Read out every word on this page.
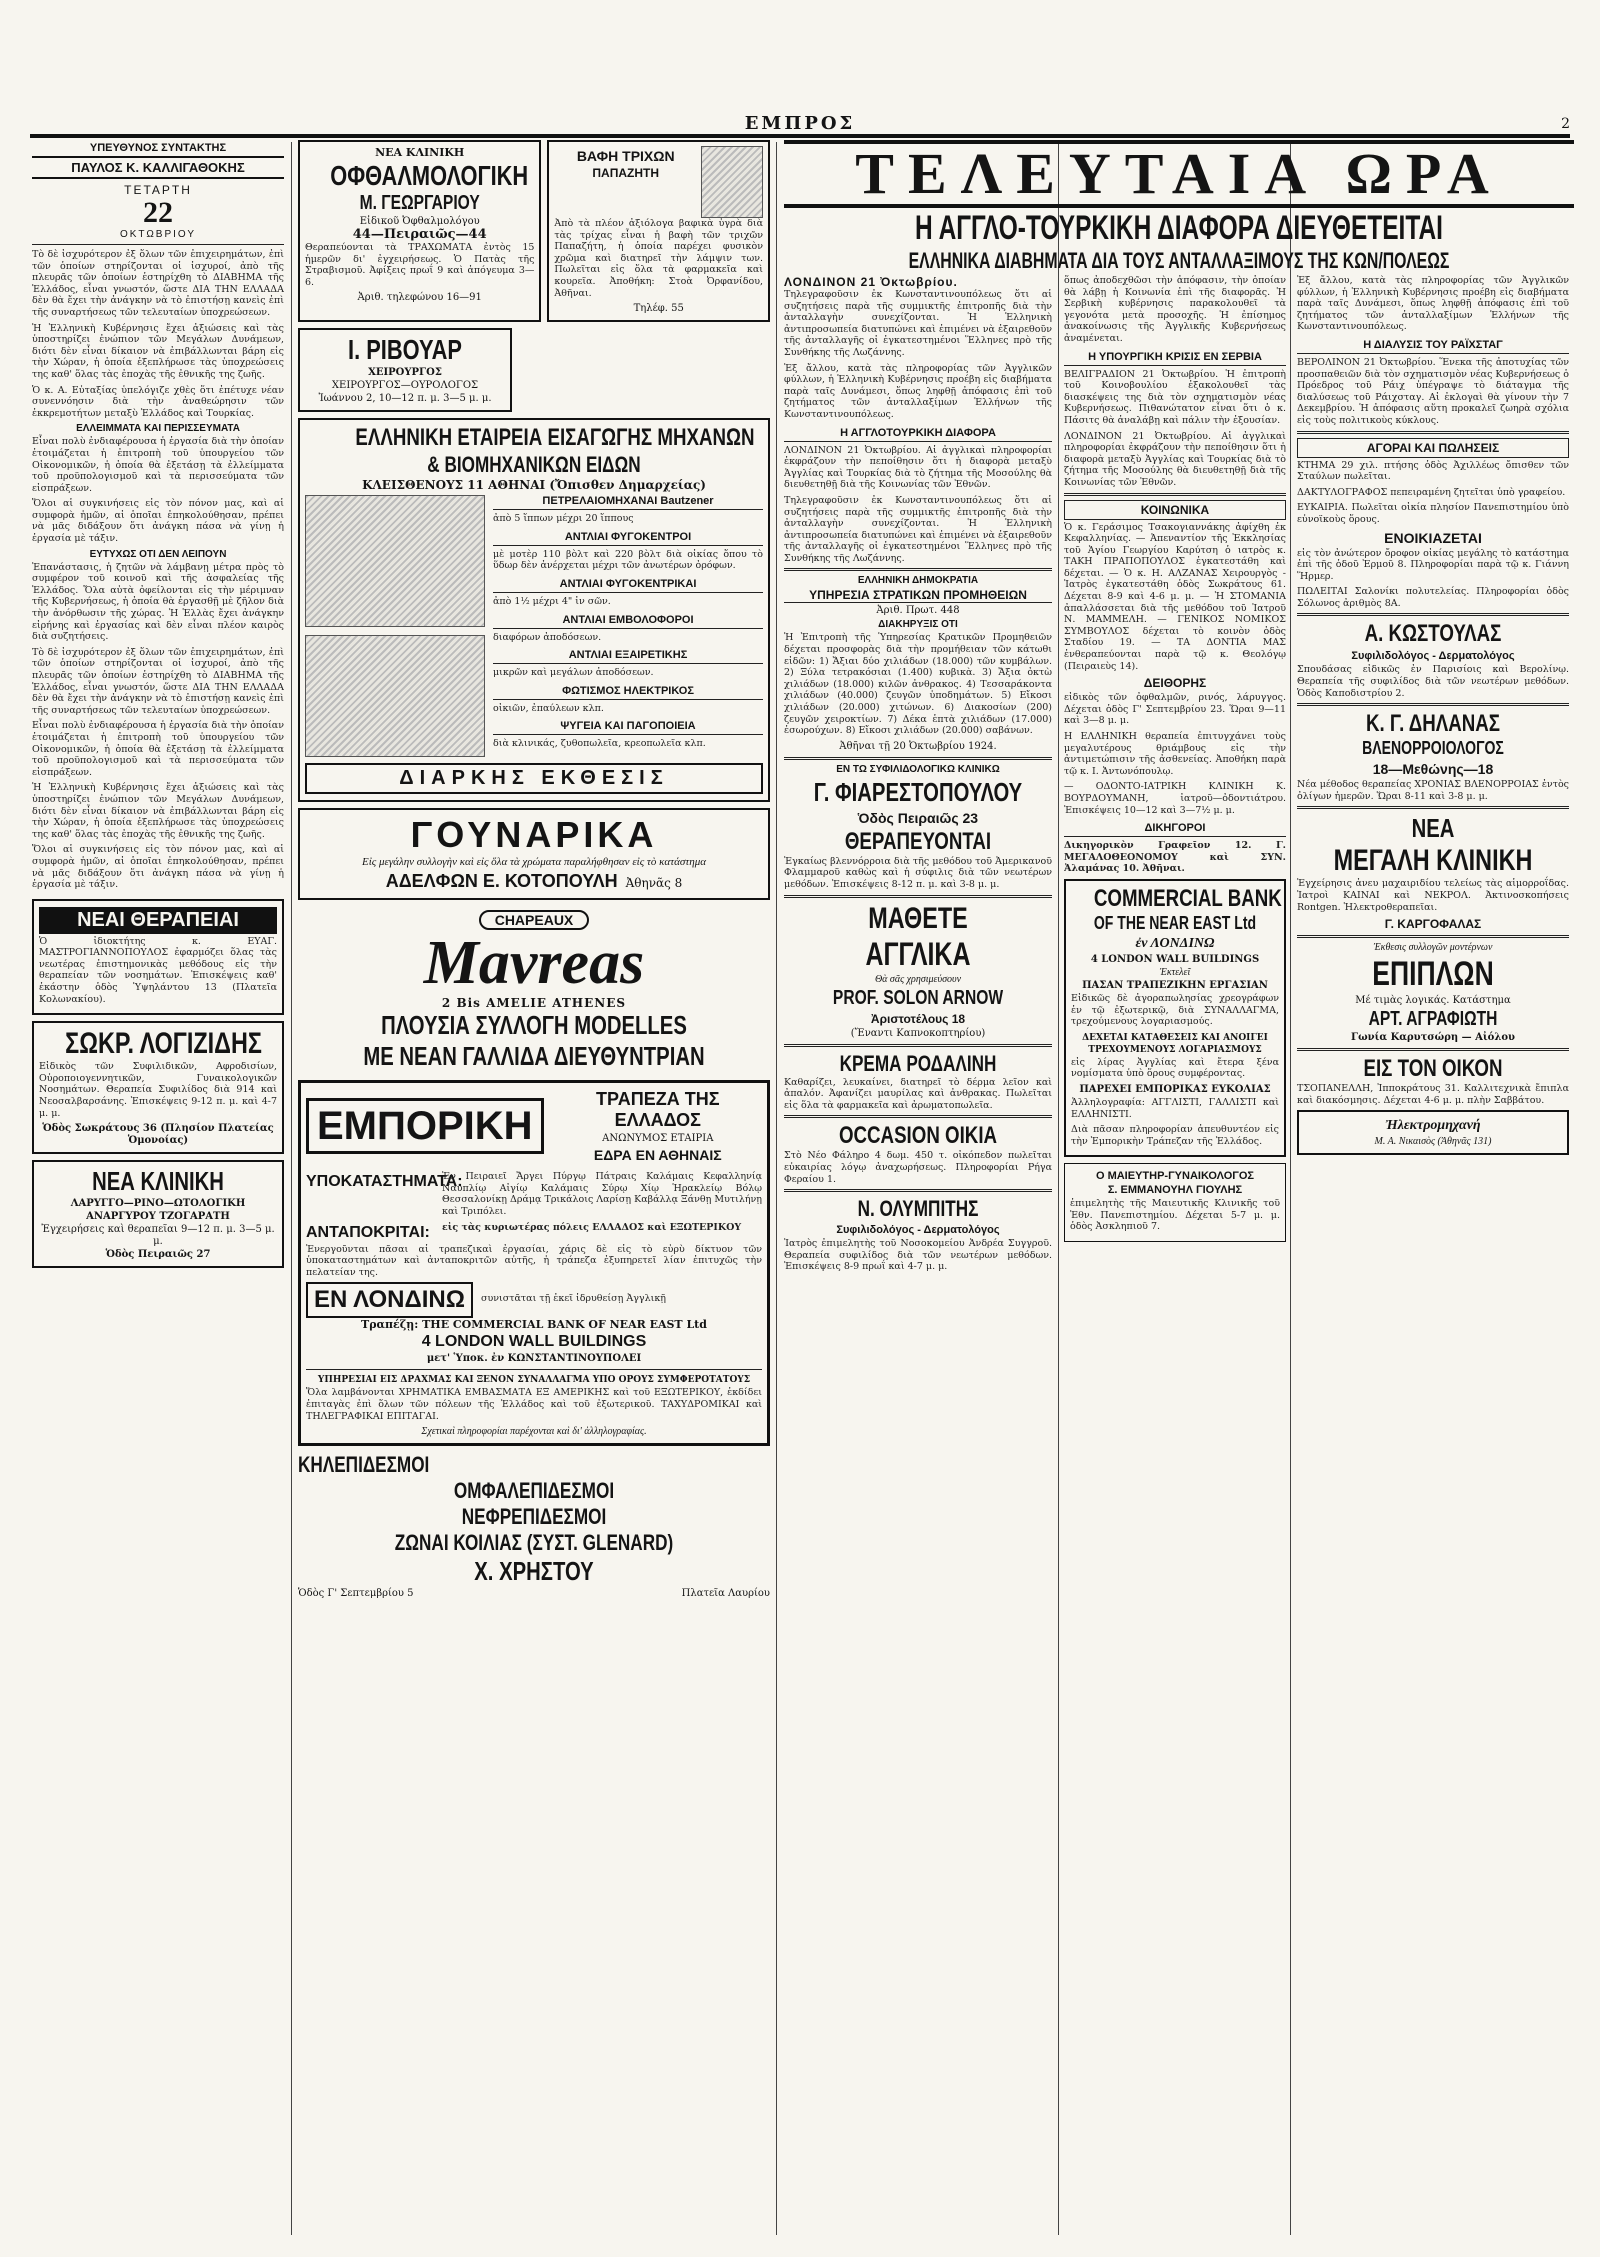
ΕΜΠΡΟΣ	2
ΥΠΕΥΘΥΝΟΣ ΣΥΝΤΑΚΤΗΣ
ΠΑΥΛΟΣ Κ. ΚΑΛΛΙΓΑΘΟΚΗΣ
ΤΕΤΑΡΤΗ
22
ΟΚΤΩΒΡΙΟΥ

Τὸ δὲ ἰσχυρότερον ἐξ ὅλων τῶν ἐπιχειρημάτων, ἐπὶ τῶν ὁποίων στηρίζονται οἱ ἰσχυροί, ἀπὸ τῆς πλευρᾶς τῶν ὁποίων ἑστηρίχθη τὸ ΔΙΑΒΗΜΑ τῆς Ἑλλάδος, εἶναι γνωστόν, ὥστε ΔΙΑ ΤΗΝ ΕΛΛΑΔΑ δὲν θὰ ἔχει τὴν ἀνάγκην νὰ τὸ ἐπιστήσῃ κανεὶς ἐπὶ τῆς συναρτήσεως τῶν τελευταίων ὑποχρεώσεων.

Ἡ Ἑλληνικὴ Κυβέρνησις ἔχει ἀξιώσεις καὶ τὰς ὑποστηρίζει ἐνώπιον τῶν Μεγάλων Δυνάμεων, διότι δὲν εἶναι δίκαιον νὰ ἐπιβάλλωνται βάρη εἰς τὴν Χώραν, ἡ ὁποία ἐξεπλήρωσε τὰς ὑποχρεώσεις της καθ' ὅλας τὰς ἐποχὰς τῆς ἐθνικῆς της ζωῆς.

Ὁ κ. Α. Εὐταξίας ὑπελόγιζε χθὲς ὅτι ἐπέτυχε νέαν συνεννόησιν διὰ τὴν ἀναθεώρησιν τῶν ἐκκρεμοτήτων μεταξὺ Ἑλλάδος καὶ Τουρκίας.

ΕΛΛΕΙΜΜΑΤΑ ΚΑΙ ΠΕΡΙΣΣΕΥΜΑΤΑ

Εἶναι πολὺ ἐνδιαφέρουσα ἡ ἐργασία διὰ τὴν ὁποίαν ἐτοιμάζεται ἡ ἐπιτροπὴ τοῦ ὑπουργείου τῶν Οἰκονομικῶν, ἡ ὁποία θὰ ἐξετάσῃ τὰ ἐλλείμματα τοῦ προϋπολογισμοῦ καὶ τὰ περισσεύματα τῶν εἰσπράξεων.

Ὅλοι αἱ συγκινήσεις εἰς τὸν πόνον μας, καὶ αἱ συμφορὰ ἡμῶν, αἱ ὁποῖαι ἐπηκολούθησαν, πρέπει νὰ μᾶς διδάξουν ὅτι ἀνάγκη πάσα νὰ γίνῃ ἡ ἐργασία μὲ τάξιν.

ΕΥΤΥΧΩΣ ΟΤΙ ΔΕΝ ΛΕΙΠΟΥΝ

Ἐπανάστασις, ἡ ζητῶν νὰ λάμβανῃ μέτρα πρὸς τὸ συμφέρον τοῦ κοινοῦ καὶ τῆς ἀσφαλείας τῆς Ἑλλάδος. Ὅλα αὐτὰ ὀφείλονται εἰς τὴν μέριμναν τῆς Κυβερνήσεως, ἡ ὁποία θὰ ἐργασθῇ μὲ ζῆλον διὰ τὴν ἀνόρθωσιν τῆς χώρας. Ἡ Ἑλλὰς ἔχει ἀνάγκην εἰρήνης καὶ ἐργασίας καὶ δὲν εἶναι πλέον καιρὸς διὰ συζητήσεις.

Τὸ δὲ ἰσχυρότερον ἐξ ὅλων τῶν ἐπιχειρημάτων, ἐπὶ τῶν ὁποίων στηρίζονται οἱ ἰσχυροί, ἀπὸ τῆς πλευρᾶς τῶν ὁποίων ἑστηρίχθη τὸ ΔΙΑΒΗΜΑ τῆς Ἑλλάδος, εἶναι γνωστόν, ὥστε ΔΙΑ ΤΗΝ ΕΛΛΑΔΑ δὲν θὰ ἔχει τὴν ἀνάγκην νὰ τὸ ἐπιστήσῃ κανεὶς ἐπὶ τῆς συναρτήσεως τῶν τελευταίων ὑποχρεώσεων.

Εἶναι πολὺ ἐνδιαφέρουσα ἡ ἐργασία διὰ τὴν ὁποίαν ἐτοιμάζεται ἡ ἐπιτροπὴ τοῦ ὑπουργείου τῶν Οἰκονομικῶν, ἡ ὁποία θὰ ἐξετάσῃ τὰ ἐλλείμματα τοῦ προϋπολογισμοῦ καὶ τὰ περισσεύματα τῶν εἰσπράξεων.

Ἡ Ἑλληνικὴ Κυβέρνησις ἔχει ἀξιώσεις καὶ τὰς ὑποστηρίζει ἐνώπιον τῶν Μεγάλων Δυνάμεων, διότι δὲν εἶναι δίκαιον νὰ ἐπιβάλλωνται βάρη εἰς τὴν Χώραν, ἡ ὁποία ἐξεπλήρωσε τὰς ὑποχρεώσεις της καθ' ὅλας τὰς ἐποχὰς τῆς ἐθνικῆς της ζωῆς.

Ὅλοι αἱ συγκινήσεις εἰς τὸν πόνον μας, καὶ αἱ συμφορὰ ἡμῶν, αἱ ὁποῖαι ἐπηκολούθησαν, πρέπει νὰ μᾶς διδάξουν ὅτι ἀνάγκη πάσα νὰ γίνῃ ἡ ἐργασία μὲ τάξιν.

ΝΕΑΙ ΘΕΡΑΠΕΙΑΙ

Ὁ ἰδιοκτήτης κ. ΕΥΑΓ. ΜΑΣΤΡΟΓΙΑΝΝΟΠΟΥΛΟΣ ἐφαρμόζει ὅλας τὰς νεωτέρας ἐπιστημονικὰς μεθόδους εἰς τὴν θεραπείαν τῶν νοσημάτων. Ἐπισκέψεις καθ' ἑκάστην ὁδὸς Ὑψηλάντου 13 (Πλατεῖα Κολωνακίου).

ΣΩΚΡ. ΛΟΓΙΖΙΔΗΣ

Εἰδικὸς τῶν Συφιλιδικῶν, Αφροδισίων, Οὐροποιογεννητικῶν, Γυναικολογικῶν Νοσημάτων. Θεραπεία Συφιλίδος διὰ 914 καὶ Νεοσαλβαρσάνης. Ἐπισκέψεις 9-12 π. μ. καὶ 4-7 μ. μ.

Ὁδὸς Σωκράτους 36 (Πλησίον Πλατείας Ὁμονοίας)
ΝΕΑ ΚΛΙΝΙΚΗ
ΛΑΡΥΓΓΟ—ΡΙΝΟ—ΩΤΟΛΟΓΙΚΗ
ΑΝΑΡΓΥΡΟΥ ΤΖΟΓΑΡΑΤΗ
Ἐγχειρήσεις καὶ θεραπεῖαι 9—12 π. μ. 3—5 μ. μ.
Ὁδὸς Πειραιῶς 27
ΝΕΑ ΚΛΙΝΙΚΗ
ΟΦΘΑΛΜΟΛΟΓΙΚΗ
Μ. ΓΕΩΡΓΑΡΙΟΥ
Εἰδικοῦ Ὀφθαλμολόγου
44—Πειραιῶς—44

Θεραπεύονται τὰ ΤΡΑΧΩΜΑΤΑ ἐντὸς 15 ἡμερῶν δι' ἐγχειρήσεως. Ὁ Πατὰς τῆς Στραβισμοῦ. Ἀφίξεις πρωΐ 9 καὶ ἀπόγευμα 3—6.

Ἀριθ. τηλεφώνου 16—91
ΒΑΦΗ ΤΡΙΧΩΝ
ΠΑΠΑΖΗΤΗ

Ἀπὸ τὰ πλέον ἀξιόλογα βαφικὰ ὑγρὰ διὰ τὰς τρίχας εἶναι ἡ βαφὴ τῶν τριχῶν Παπαζήτη, ἡ ὁποία παρέχει φυσικὸν χρῶμα καὶ διατηρεῖ τὴν λάμψιν των. Πωλεῖται εἰς ὅλα τὰ φαρμακεῖα καὶ κουρεῖα. Ἀποθήκη: Στοὰ Ὀρφανίδου, Ἀθῆναι.

Τηλέφ. 55
Ι. ΡΙΒΟΥΑΡ
ΧΕΙΡΟΥΡΓΟΣ
ΧΕΙΡΟΥΡΓΟΣ—ΟΥΡΟΛΟΓΟΣ
Ἰωάννου 2, 10—12 π. μ. 3—5 μ. μ.
ΕΛΛΗΝΙΚΗ ΕΤΑΙΡΕΙΑ ΕΙΣΑΓΩΓΗΣ ΜΗΧΑΝΩΝ
& ΒΙΟΜΗΧΑΝΙΚΩΝ ΕΙΔΩΝ
ΚΛΕΙΣΘΕΝΟΥΣ 11 ΑΘΗΝΑΙ (Ὄπισθεν Δημαρχείας)
ΠΕΤΡΕΛΑΙΟΜΗΧΑΝΑΙ Bautzener

ἀπὸ 5 ἵππων μέχρι 20 ἵππους

ΑΝΤΛΙΑΙ ΦΥΓΟΚΕΝΤΡΟΙ

μὲ μοτὲρ 110 βὸλτ καὶ 220 βὸλτ διὰ οἰκίας ὅπου τὸ ὕδωρ δὲν ἀνέρχεται μέχρι τῶν ἀνωτέρων ὀρόφων.

ΑΝΤΛΙΑΙ ΦΥΓΟΚΕΝΤΡΙΚΑΙ

ἀπὸ 1½ μέχρι 4" ἰν σῶν.

ΑΝΤΛΙΑΙ ΕΜΒΟΛΟΦΟΡΟΙ

διαφόρων ἀποδόσεων.

ΑΝΤΛΙΑΙ ΕΞΑΙΡΕΤΙΚΗΣ

μικρῶν καὶ μεγάλων ἀποδόσεων.

ΦΩΤΙΣΜΟΣ ΗΛΕΚΤΡΙΚΟΣ

οἰκιῶν, ἐπαύλεων κλπ.

ΨΥΓΕΙΑ ΚΑΙ ΠΑΓΟΠΟΙΕΙΑ

διὰ κλινικάς, ζυθοπωλεῖα, κρεοπωλεῖα κλπ.

ΔΙΑΡΚΗΣ ΕΚΘΕΣΙΣ
ΓΟΥΝΑΡΙΚΑ
Εἰς μεγάλην συλλογὴν καὶ εἰς ὅλα τὰ χρώματα παραλήφθησαν εἰς τὸ κατάστημα
ΑΔΕΛΦΩΝ Ε. ΚΟΤΟΠΟΥΛΗ Ἀθηνᾶς 8
CHAPEAUX
Mavreas
2 Bis AMELIE ATHENES
ΠΛΟΥΣΙΑ ΣΥΛΛΟΓΗ MODELLES
ΜΕ ΝΕΑΝ ΓΑΛΛΙΔΑ ΔΙΕΥΘΥΝΤΡΙΑΝ
ΕΜΠΟΡΙΚΗ
ΤΡΑΠΕΖΑ ΤΗΣ ΕΛΛΑΔΟΣ
ΑΝΩΝΥΜΟΣ ΕΤΑΙΡΙΑ
ΕΔΡΑ ΕΝ ΑΘΗΝΑΙΣ
ΥΠΟΚΑΤΑΣΤΗΜΑΤΑ:

Ἐν Πειραιεῖ Ἄργει Πύργῳ Πάτραις Καλάμαις Κεφαλληνίᾳ Ναυπλίῳ Αἰγίῳ Καλάμαις Σύρῳ Χίῳ Ἡρακλείῳ Βόλῳ Θεσσαλονίκῃ Δράμᾳ Τρικάλοις Λαρίσῃ Καβάλλᾳ Ξάνθῃ Μυτιλήνῃ καὶ Τριπόλει.

ΑΝΤΑΠΟΚΡΙΤΑΙ:	εἰς τὰς κυριωτέρας πόλεις ΕΛΛΑΔΟΣ καὶ ΕΞΩΤΕΡΙΚΟΥ

Ἐνεργοῦνται πᾶσαι αἱ τραπεζικαὶ ἐργασίαι, χάρις δὲ εἰς τὸ εὐρὺ δίκτυον τῶν ὑποκαταστημάτων καὶ ἀνταποκριτῶν αὐτῆς, ἡ τράπεζα ἐξυπηρετεῖ λίαν ἐπιτυχῶς τὴν πελατείαν της.

ΕΝ ΛΟΝΔΙΝΩ	συνιστᾶται τῇ ἐκεῖ ἱδρυθείσῃ Ἀγγλικῇ

Τραπέζῃ: THE COMMERCIAL BANK OF NEAR EAST Ltd
4 LONDON WALL BUILDINGS
μετ' Ὑποκ. ἐν ΚΩΝΣΤΑΝΤΙΝΟΥΠΟΛΕΙ
ΥΠΗΡΕΣΙΑΙ ΕΙΣ ΔΡΑΧΜΑΣ ΚΑΙ ΞΕΝΟΝ ΣΥΝΑΛΛΑΓΜΑ ΥΠΟ ΟΡΟΥΣ ΣΥΜΦΕΡΟΤΑΤΟΥΣ

Ὅλα λαμβάνονται ΧΡΗΜΑΤΙΚΑ ΕΜΒΑΣΜΑΤΑ ΕΞ ΑΜΕΡΙΚΗΣ καὶ τοῦ ΕΞΩΤΕΡΙΚΟΥ, ἐκδίδει ἐπιταγὰς ἐπὶ ὅλων τῶν πόλεων τῆς Ἑλλάδος καὶ τοῦ ἐξωτερικοῦ. ΤΑΧΥΔΡΟΜΙΚΑΙ καὶ ΤΗΛΕΓΡΑΦΙΚΑΙ ΕΠΙΤΑΓΑΙ.

Σχετικαὶ πληροφορίαι παρέχονται καὶ δι' ἀλληλογραφίας.
ΚΗΛΕΠΙΔΕΣΜΟΙ
ΟΜΦΑΛΕΠΙΔΕΣΜΟΙ
ΝΕΦΡΕΠΙΔΕΣΜΟΙ
ΖΩΝΑΙ ΚΟΙΛΙΑΣ (ΣΥΣΤ. GLENARD)
Χ. ΧΡΗΣΤΟΥ
Ὁδὸς Γ' Σεπτεμβρίου 5	Πλατεῖα Λαυρίου
ΤΕΛΕΥΤΑΙΑ ΩΡΑ
Η ΑΓΓΛΟ-ΤΟΥΡΚΙΚΗ ΔΙΑΦΟΡΑ ΔΙΕΥΘΕΤΕΙΤΑΙ
ΕΛΛΗΝΙΚΑ ΔΙΑΒΗΜΑΤΑ ΔΙΑ ΤΟΥΣ ΑΝΤΑΛΛΑΞΙΜΟΥΣ ΤΗΣ ΚΩΝ/ΠΟΛΕΩΣ
ΛΟΝΔΙΝΟΝ 21 Ὀκτωβρίου.

Τηλεγραφοῦσιν ἐκ Κωνσταντινουπόλεως ὅτι αἱ συζητήσεις παρὰ τῆς συμμικτῆς ἐπιτροπῆς διὰ τὴν ἀνταλλαγὴν συνεχίζονται. Ἡ Ἑλληνικὴ ἀντιπροσωπεία διατυπώνει καὶ ἐπιμένει νὰ ἐξαιρεθοῦν τῆς ἀνταλλαγῆς οἱ ἐγκατεστημένοι Ἕλληνες πρὸ τῆς Συνθήκης τῆς Λωζάννης.

Ἐξ ἄλλου, κατὰ τὰς πληροφορίας τῶν Ἀγγλικῶν φύλλων, ἡ Ἑλληνικὴ Κυβέρνησις προέβη εἰς διαβήματα παρὰ ταῖς Δυνάμεσι, ὅπως ληφθῇ ἀπόφασις ἐπὶ τοῦ ζητήματος τῶν ἀνταλλαξίμων Ἑλλήνων τῆς Κωνσταντινουπόλεως.

Η ΑΓΓΛΟΤΟΥΡΚΙΚΗ ΔΙΑΦΟΡΑ

ΛΟΝΔΙΝΟΝ 21 Ὀκτωβρίου. Αἱ ἀγγλικαὶ πληροφορίαι ἐκφράζουν τὴν πεποίθησιν ὅτι ἡ διαφορὰ μεταξὺ Ἀγγλίας καὶ Τουρκίας διὰ τὸ ζήτημα τῆς Μοσούλης θὰ διευθετηθῇ διὰ τῆς Κοινωνίας τῶν Ἐθνῶν.

Τηλεγραφοῦσιν ἐκ Κωνσταντινουπόλεως ὅτι αἱ συζητήσεις παρὰ τῆς συμμικτῆς ἐπιτροπῆς διὰ τὴν ἀνταλλαγὴν συνεχίζονται. Ἡ Ἑλληνικὴ ἀντιπροσωπεία διατυπώνει καὶ ἐπιμένει νὰ ἐξαιρεθοῦν τῆς ἀνταλλαγῆς οἱ ἐγκατεστημένοι Ἕλληνες πρὸ τῆς Συνθήκης τῆς Λωζάννης.

ΕΛΛΗΝΙΚΗ ΔΗΜΟΚΡΑΤΙΑ
ΥΠΗΡΕΣΙΑ ΣΤΡΑΤΙΚΩΝ ΠΡΟΜΗΘΕΙΩΝ
Ἀριθ. Πρωτ. 448
ΔΙΑΚΗΡΥΞΙΣ ΟΤΙ

Ἡ Ἐπιτροπὴ τῆς Ὑπηρεσίας Κρατικῶν Προμηθειῶν δέχεται προσφορὰς διὰ τὴν προμήθειαν τῶν κάτωθι εἰδῶν: 1) Ἄξιαι δύο χιλιάδων (18.000) τῶν κυμβάλων. 2) Ξύλα τετρακόσιαι (1.400) κυβικὰ. 3) Ἄξια ὀκτὼ χιλιάδων (18.000) κιλῶν ἀνθρακος. 4) Τεσσαράκοντα χιλιάδων (40.000) ζευγῶν ὑποδημάτων. 5) Εἴκοσι χιλιάδων (20.000) χιτώνων. 6) Διακοσίων (200) ζευγῶν χειροκτίων. 7) Δέκα ἑπτὰ χιλιάδων (17.000) ἐσωρούχων. 8) Εἴκοσι χιλιάδων (20.000) σαβάνων.

Ἀθῆναι τῇ 20 Ὀκτωβρίου 1924.
ΕΝ ΤΩ ΣΥΦΙΛΙΔΟΛΟΓΙΚΩ ΚΛΙΝΙΚΩ
Γ. ΦΙΑΡΕΣΤΟΠΟΥΛΟΥ
Ὁδὸς Πειραιῶς 23
ΘΕΡΑΠΕΥΟΝΤΑΙ

Ἐγκαίως βλεννόρροια διὰ τῆς μεθόδου τοῦ Ἀμερικανοῦ Φλαμμαροῦ καθὼς καὶ ἡ σύφιλις διὰ τῶν νεωτέρων μεθόδων. Ἐπισκέψεις 8-12 π. μ. καὶ 3-8 μ. μ.

ΜΑΘΕΤΕ
ΑΓΓΛΙΚΑ
Θὰ σᾶς χρησιμεύσουν
PROF. SOLON ARNOW
Ἀριστοτέλους 18
(Ἔναντι Καπνοκοπτηρίου)
ΚΡΕΜΑ ΡΟΔΑΛΙΝΗ

Καθαρίζει, λευκαίνει, διατηρεῖ τὸ δέρμα λεῖον καὶ ἀπαλόν. Ἀφανίζει μαυρίλας καὶ ἀνθρακας. Πωλεῖται εἰς ὅλα τὰ φαρμακεῖα καὶ ἀρωματοπωλεῖα.

OCCASION ΟΙΚΙΑ

Στὸ Νέο Φάληρο 4 δωμ. 450 τ. οἰκόπεδον πωλεῖται εὐκαιρίας λόγῳ ἀναχωρήσεως. Πληροφορίαι Ρήγα Φεραίου 1.

Ν. ΟΛΥΜΠΙΤΗΣ
Συφιλιδολόγος - Δερματολόγος

Ἰατρὸς ἐπιμελητὴς τοῦ Νοσοκομείου Ἀνδρέα Συγγροῦ. Θεραπεία συφιλίδος διὰ τῶν νεωτέρων μεθόδων. Ἐπισκέψεις 8-9 πρωΐ καὶ 4-7 μ. μ.

ὅπως ἀποδεχθῶσι τὴν ἀπόφασιν, τὴν ὁποίαν θὰ λάβῃ ἡ Κοινωνία ἐπὶ τῆς διαφορᾶς. Ἡ Σερβικὴ κυβέρνησις παρακολουθεῖ τὰ γεγονότα μετὰ προσοχῆς. Ἡ ἐπίσημος ἀνακοίνωσις τῆς Ἀγγλικῆς Κυβερνήσεως ἀναμένεται.

Η ΥΠΟΥΡΓΙΚΗ ΚΡΙΣΙΣ ΕΝ ΣΕΡΒΙΑ

ΒΕΛΙΓΡΑΔΙΟΝ 21 Ὀκτωβρίου. Ἡ ἐπιτροπὴ τοῦ Κοινοβουλίου ἐξακολουθεῖ τὰς διασκέψεις της διὰ τὸν σχηματισμὸν νέας Κυβερνήσεως. Πιθανώτατον εἶναι ὅτι ὁ κ. Πάσιτς θὰ ἀναλάβῃ καὶ πάλιν τὴν ἐξουσίαν.

ΛΟΝΔΙΝΟΝ 21 Ὀκτωβρίου. Αἱ ἀγγλικαὶ πληροφορίαι ἐκφράζουν τὴν πεποίθησιν ὅτι ἡ διαφορὰ μεταξὺ Ἀγγλίας καὶ Τουρκίας διὰ τὸ ζήτημα τῆς Μοσούλης θὰ διευθετηθῇ διὰ τῆς Κοινωνίας τῶν Ἐθνῶν.

ΚΟΙΝΩΝΙΚΑ

Ὁ κ. Γεράσιμος Τσακογιαννάκης ἀφίχθη ἐκ Κεφαλληνίας. — Ἀπεναντίον τῆς Ἐκκλησίας τοῦ Ἁγίου Γεωργίου Καρύτση ὁ ιατρὸς κ. ΤΑΚΗ ΠΡΑΠΟΠΟΥΛΟΣ ἐγκατεστάθη καὶ δέχεται. — Ὁ κ. Η. ΑΛΖΑΝΑΣ Χειρουργὸς - Ἰατρὸς ἐγκατεστάθη ὁδὸς Σωκράτους 61. Δέχεται 8-9 καὶ 4-6 μ. μ. — Ἡ ΣΤΟΜΑΝΙΑ ἀπαλλάσσεται διὰ τῆς μεθόδου τοῦ Ἰατροῦ Ν. ΜΑΜΜΕΛΗ. — ΓΕΝΙΚΟΣ ΝΟΜΙΚΟΣ ΣΥΜΒΟΥΛΟΣ δέχεται τὸ κοινὸν ὁδὸς Σταδίου 19. — ΤΑ ΔΟΝΤΙΑ ΜΑΣ ἐνθεραπεύονται παρὰ τῷ κ. Θεολόγῳ (Πειραιεὺς 14).

ΔΕΙΘΟΡΗΣ

εἰδικὸς τῶν ὀφθαλμῶν, ρινός, λάρυγγος. Δέχεται ὁδὸς Γ' Σεπτεμβρίου 23. Ὥραι 9—11 καὶ 3—8 μ. μ.

Η ΕΛΛΗΝΙΚΗ θεραπεία ἐπιτυγχάνει τοὺς μεγαλυτέρους θριάμβους εἰς τὴν ἀντιμετώπισιν τῆς ἀσθενείας. Ἀποθήκη παρὰ τῷ κ. Ι. Ἀντωνόπουλῳ.

— ΟΔΟΝΤΟ-ΙΑΤΡΙΚΗ ΚΛΙΝΙΚΗ Κ. ΒΟΥΡΔΟΥΜΑΝΗ, ἰατροῦ—ὀδοντιάτρου. Ἐπισκέψεις 10—12 καὶ 3—7½ μ. μ.

ΔΙΚΗΓΟΡΟΙ

Δικηγορικὸν Γραφεῖον 12. Γ. ΜΕΓΑΛΟΘΕΟΝΟΜΟΥ καὶ ΣΥΝ. Ἀλαμάνας 10. Ἀθῆναι.

COMMERCIAL BANK
OF THE NEAR EAST Ltd
ἐν ΛΟΝΔΙΝΩ
4 LONDON WALL BUILDINGS
Ἐκτελεῖ
ΠΑΣΑΝ ΤΡΑΠΕΖΙΚΗΝ ΕΡΓΑΣΙΑΝ

Εἰδικῶς δὲ ἀγοραπωλησίας χρεογράφων ἐν τῷ ἐξωτερικῷ, διὰ ΣΥΝΑΛΛΑΓΜΑ, τρεχούμενους λογαριασμούς.

ΔΕΧΕΤΑΙ ΚΑΤΑΘΕΣΕΙΣ ΚΑΙ ΑΝΟΙΓΕΙ ΤΡΕΧΟΥΜΕΝΟΥΣ ΛΟΓΑΡΙΑΣΜΟΥΣ

εἰς λίρας Ἀγγλίας καὶ ἔτερα ξένα νομίσματα ὑπὸ ὅρους συμφέροντας.

ΠΑΡΕΧΕΙ ΕΜΠΟΡΙΚΑΣ ΕΥΚΟΛΙΑΣ

Ἀλληλογραφία: ΑΓΓΛΙΣΤΙ, ΓΑΛΛΙΣΤΙ καὶ ΕΛΛΗΝΙΣΤΙ.

Διὰ πᾶσαν πληροφορίαν ἀπευθυντέον εἰς τὴν Ἐμπορικὴν Τράπεζαν τῆς Ἑλλάδος.

Ο ΜΑΙΕΥΤΗΡ-ΓΥΝΑΙΚΟΛΟΓΟΣ
Σ. ΕΜΜΑΝΟΥΗΛ ΓΙΟΥΛΗΣ

ἐπιμελητὴς τῆς Μαιευτικῆς Κλινικῆς τοῦ Ἐθν. Πανεπιστημίου. Δέχεται 5-7 μ. μ. ὁδὸς Ἀσκληπιοῦ 7.

Ἐξ ἄλλου, κατὰ τὰς πληροφορίας τῶν Ἀγγλικῶν φύλλων, ἡ Ἑλληνικὴ Κυβέρνησις προέβη εἰς διαβήματα παρὰ ταῖς Δυνάμεσι, ὅπως ληφθῇ ἀπόφασις ἐπὶ τοῦ ζητήματος τῶν ἀνταλλαξίμων Ἑλλήνων τῆς Κωνσταντινουπόλεως.

Η ΔΙΑΛΥΣΙΣ ΤΟΥ ΡΑΪΧΣΤΑΓ

ΒΕΡΟΛΙΝΟΝ 21 Ὀκτωβρίου. Ἕνεκα τῆς ἀποτυχίας τῶν προσπαθειῶν διὰ τὸν σχηματισμὸν νέας Κυβερνήσεως ὁ Πρόεδρος τοῦ Ράιχ ὑπέγραψε τὸ διάταγμα τῆς διαλύσεως τοῦ Ράιχσταγ. Αἱ ἐκλογαὶ θὰ γίνουν τὴν 7 Δεκεμβρίου. Ἡ ἀπόφασις αὕτη προκαλεῖ ζωηρὰ σχόλια εἰς τοὺς πολιτικοὺς κύκλους.

ΑΓΟΡΑΙ ΚΑΙ ΠΩΛΗΣΕΙΣ

ΚΤΗΜΑ 29 χιλ. πτήσης ὁδὸς Ἀχιλλέως ὄπισθεν τῶν Σταύλων πωλεῖται.

ΔΑΚΤΥΛΟΓΡΑΦΟΣ πεπειραμένη ζητεῖται ὑπὸ γραφείου.

ΕΥΚΑΙΡΙΑ. Πωλεῖται οἰκία πλησίον Πανεπιστημίου ὑπὸ εὐνοϊκοὺς ὅρους.

ΕΝΟΙΚΙΑΖΕΤΑΙ

εἰς τὸν ἀνώτερον ὄροφον οἰκίας μεγάλης τὸ κατάστημα ἐπὶ τῆς ὁδοῦ Ἐρμοῦ 8. Πληροφορίαι παρὰ τῷ κ. Γιάννη Ἥρμερ.

ΠΩΛΕΙΤΑΙ Σαλονίκι πολυτελείας. Πληροφορίαι ὁδὸς Σόλωνος ἀριθμὸς 8Α.

Α. ΚΩΣΤΟΥΛΑΣ
Συφιλιδολόγος - Δερματολόγος

Σπουδάσας εἰδικῶς ἐν Παρισίοις καὶ Βερολίνῳ. Θεραπεία τῆς συφιλίδος διὰ τῶν νεωτέρων μεθόδων. Ὁδὸς Καποδιστρίου 2.

Κ. Γ. ΔΗΛΑΝΑΣ
ΒΛΕΝΟΡΡΟΙΟΛΟΓΟΣ
18—Μεθώνης—18

Νέα μέθοδος θεραπείας ΧΡΟΝΙΑΣ ΒΛΕΝΟΡΡΟΙΑΣ ἐντὸς ὀλίγων ἡμερῶν. Ὥραι 8-11 καὶ 3-8 μ. μ.

ΝΕΑ
ΜΕΓΑΛΗ ΚΛΙΝΙΚΗ

Ἐγχείρησις ἀνευ μαχαιριδίου τελείως τὰς αἱμορροΐδας. Ἰατροὶ ΚΑΙΝΑΙ καὶ ΝΕΚΡΟΛ. Ἀκτινοσκοπήσεις Rontgen. Ἡλεκτροθεραπεῖαι.

Γ. ΚΑΡΓΟΦΑΛΑΣ
Ἐκθεσις συλλογῶν μοντέρνων
ΕΠΙΠΛΩΝ
Μέ τιμὰς λογικάς. Κατάστημα
ΑΡΤ. ΑΓΡΑΦΙΩΤΗ
Γωνία Καρυτσώρη — Αἰόλου
ΕΙΣ ΤΟΝ ΟΙΚΟΝ

ΤΣΟΠΑΝΕΛΛΗ, Ἰπποκράτους 31. Καλλιτεχνικὰ ἔπιπλα καὶ διακόσμησις. Δέχεται 4-6 μ. μ. πλὴν Σαββάτου.

Ἠλεκτρομηχανή
Μ. Α. Νικαισὸς (Ἀθηνᾶς 131)
